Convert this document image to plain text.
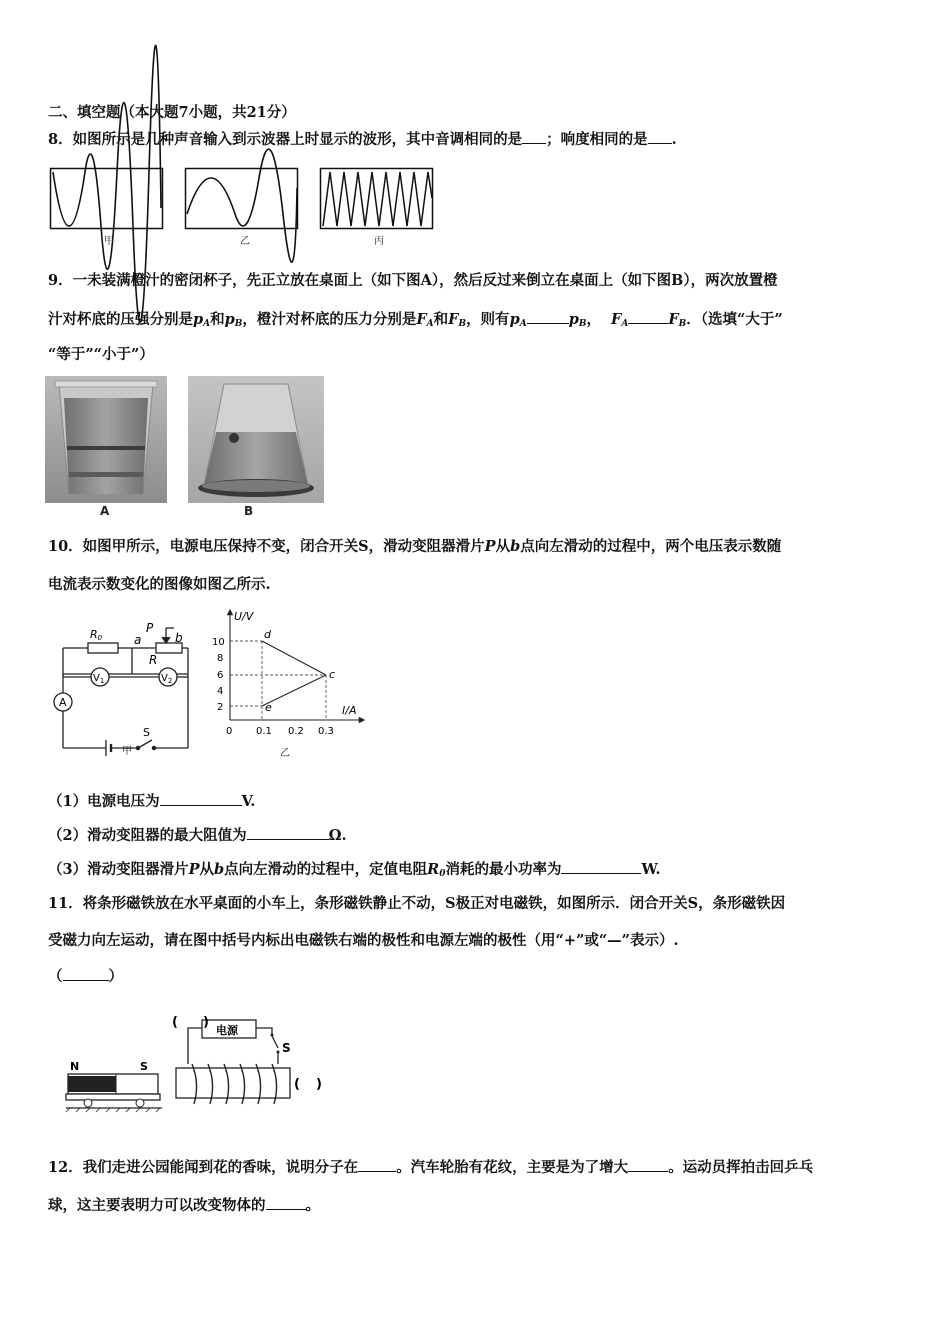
二、填空题（本大题7小题，共21分）
8．如图所示是几种声音输入到示波器上时显示的波形，其中音调相同的是 ；响度相同的是 .
甲	乙	丙
9．一未装满橙汁的密闭杯子，先正立放在桌面上（如下图A），然后反过来倒立在桌面上（如下图B），两次放置橙
汁对杯底的压强分别是$p_A$和$p_B$，橙汁对杯底的压力分别是$F_A$和$F_B$，则有$p_A$	$p_B$， $F_A$	$F_B$．（选填“大于”
“等于”“小于”）
A	B
10．如图甲所示，电源电压保持不变，闭合开关S，滑动变阻器滑片P从b点向左滑动的过程中，两个电压表示数随
电流表示数变化的图像如图乙所示.
R0	a
P
b
R
$V_1$	$V_2$
A
S
甲
U/V
I/A
10
8
6
4
2
0 0.1 0.2 0.3
d
c
e
乙
（1）电源电压为	V.
（2）滑动变阻器的最大阻值为	Ω.
（3）滑动变阻器滑片P从b点向左滑动的过程中，定值电阻$R_0$消耗的最小功率为	W.
11．将条形磁铁放在水平桌面的小车上，条形磁铁静止不动，S极正对电磁铁，如图所示．闭合开关S，条形磁铁因
受磁力向左运动，请在图中括号内标出电磁铁右端的极性和电源左端的极性（用“+”或“—”表示）.
（	）
N	S
电源
S
( )
( )
12．我们走进公园能闻到花的香味，说明分子在	。汽车轮胎有花纹，主要是为了增大	。运动员挥拍击回乒乓
球，这主要表明力可以改变物体的	。
